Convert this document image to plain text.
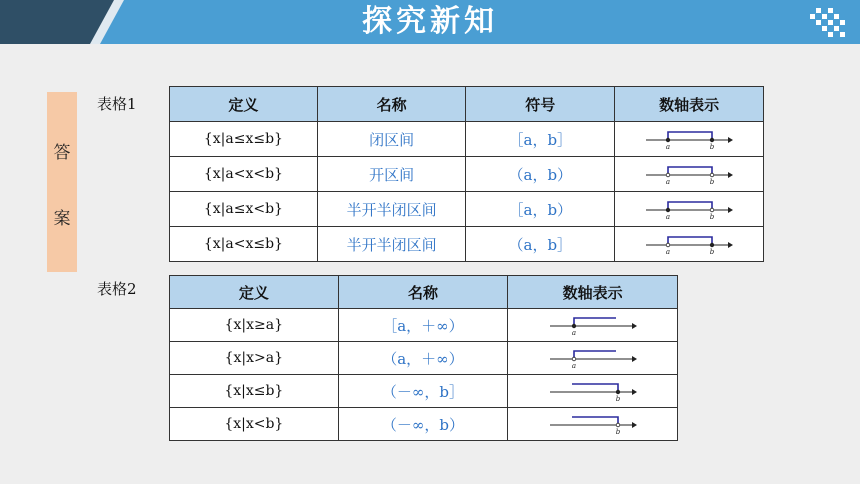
探究新知
答
案
表格1	定义	名称	符号	数轴表示
{x|a≤x≤b}	闭区间	［a，b］	a b

{x|a<x<b}	开区间	（a，b）	a b

{x|a≤x<b}	半开半闭区间	［a，b）	a b

{x|a<x≤b}	半开半闭区间	（a，b］	a b
表格2	定义	名称	数轴表示
{x|x≥a}	［a，＋∞）	a

{x|x>a}	（a，＋∞）	a

{x|x≤b}	（－∞，b］	b

{x|x<b}	（－∞，b）	b
